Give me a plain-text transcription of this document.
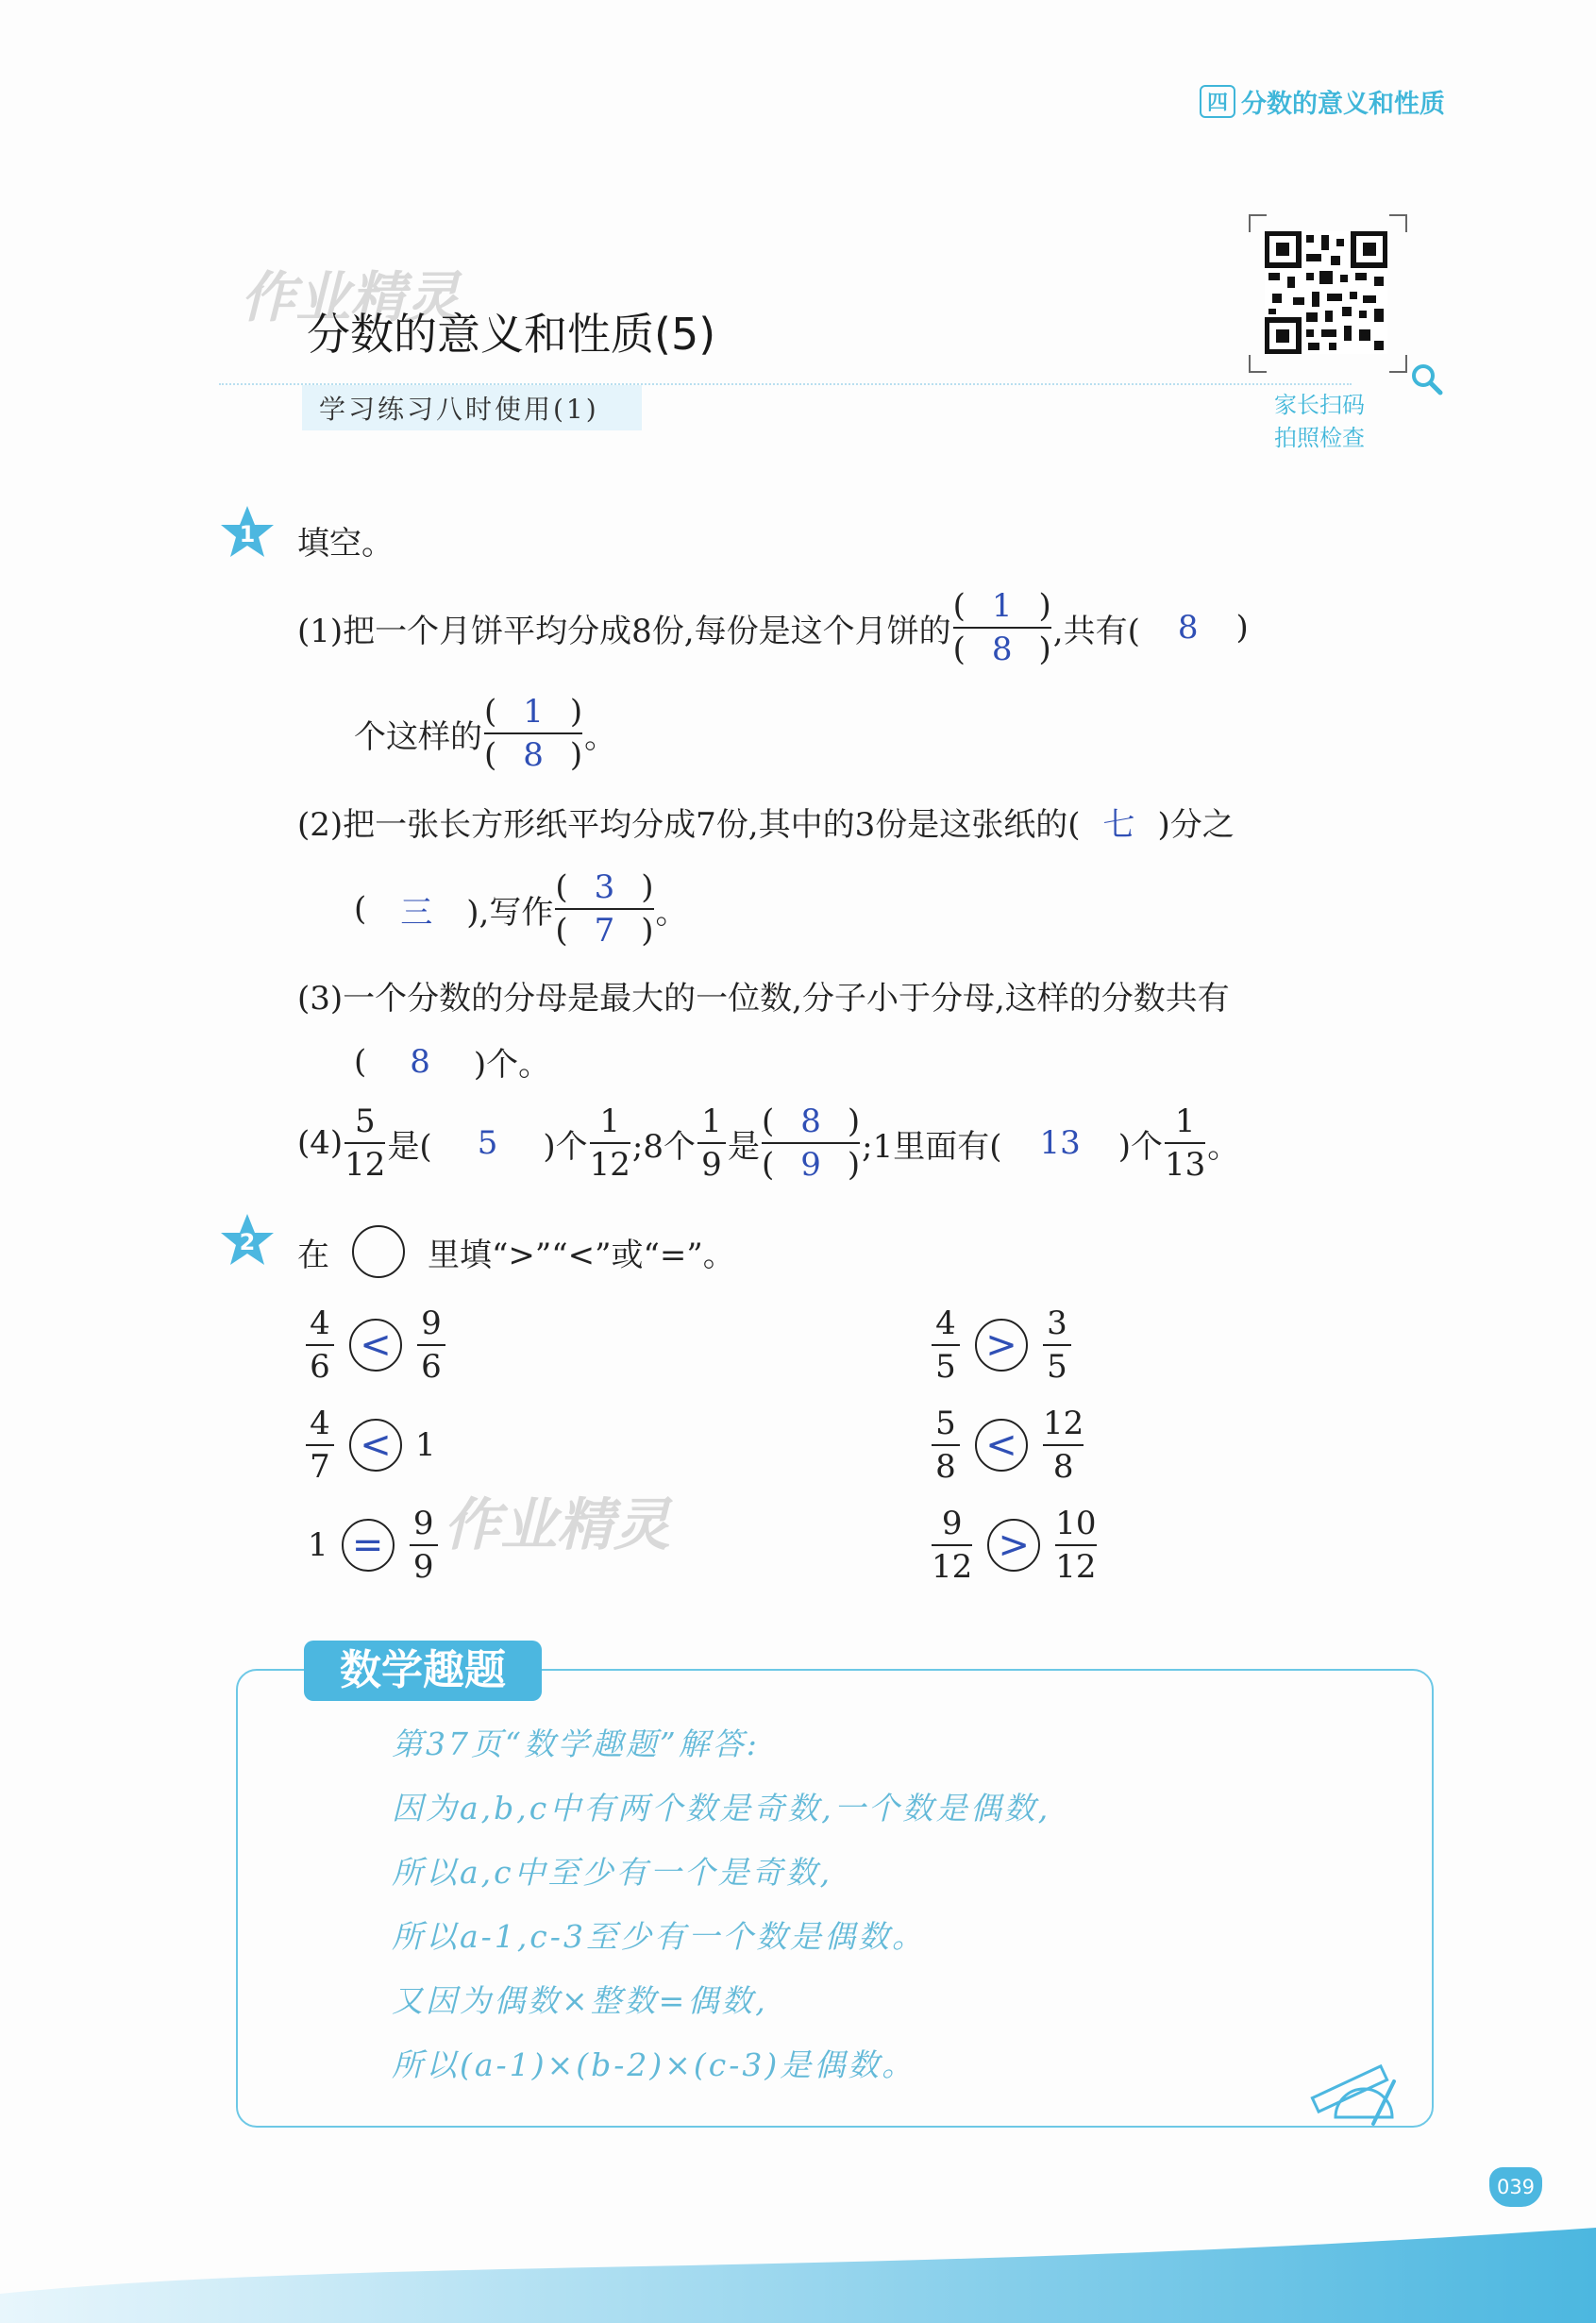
四 分数的意义和性质
作业精灵
作业精灵
分数的意义和性质(5)
学习练习八时使用(1)	家长扫码
拍照检查
1 填空。
(1)把一个月饼平均分成8份,每份是这个月饼的 $\frac{( 1 )}{( 8 )}$ ,共有( 8 )
个这样的 $\frac{( 1 )}{( 8 )}$ 。
(2)把一张长方形纸平均分成7份,其中的3份是这张纸的( 七 )分之
( 三 ),写作 $\frac{( 3 )}{( 7 )}$ 。
(3)一个分数的分母是最大的一位数,分子小于分母,这样的分数共有
( 8 )个。
$(4) \frac{5}{12}$ 是( 5 )个 $\frac{1}{12}$ ;8个 $\frac{1}{9}$ 是 $\frac{( 8 )}{( 9 )}$ ;1里面有( 13 )个 $\frac{1}{13}$ 。
2 在	里填“>”“<”或“=”。
$\frac{4}{6} < \frac{9}{6}$	$\frac{4}{5} > \frac{3}{5}$
$\frac{4}{7} < 1$	$\frac{5}{8} < \frac{12}{8}$
$1 = \frac{9}{9}$	$\frac{9}{12} > \frac{10}{12}$
数学趣题
第37页“数学趣题”解答:
因为a,b,c中有两个数是奇数,一个数是偶数,
所以a,c中至少有一个是奇数,
所以a-1,c-3至少有一个数是偶数。
又因为偶数×整数=偶数,
所以(a-1)×(b-2)×(c-3)是偶数。
039
